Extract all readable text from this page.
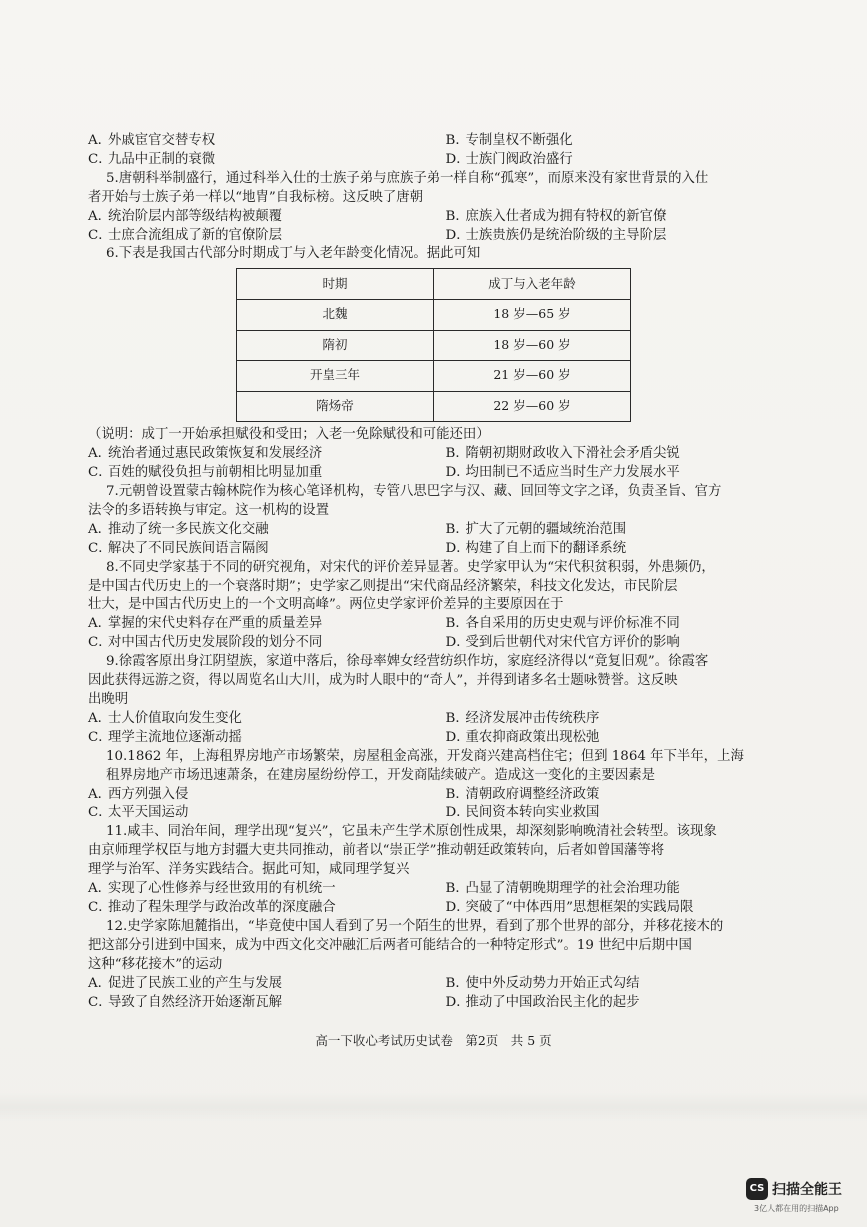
A．
外戚宦官交替专权	B．
专制皇权不断强化
C．
九品中正制的衰微	D．
士族门阀政治盛行
5.唐朝科举制盛行，通过科举入仕的士族子弟与庶族子弟一样自称“孤寒”，而原来没有家世背景的入仕
者开始与士族子弟一样以“地胄”自我标榜。这反映了唐朝
A．
统治阶层内部等级结构被颠覆	B．
庶族入仕者成为拥有特权的新官僚
C．
士庶合流组成了新的官僚阶层	D．
士族贵族仍是统治阶级的主导阶层
6.下表是我国古代部分时期成丁与入老年龄变化情况。据此可知
时期	成丁与入老年龄
北魏	18 岁—65 岁
隋初	18 岁—60 岁
开皇三年	21 岁—60 岁
隋炀帝	22 岁—60 岁
（说明：成丁一开始承担赋役和受田；入老一免除赋役和可能还田）
A．
统治者通过惠民政策恢复和发展经济	B．
隋朝初期财政收入下滑社会矛盾尖锐
C．
百姓的赋役负担与前朝相比明显加重	D．
均田制已不适应当时生产力发展水平
7.元朝曾设置蒙古翰林院作为核心笔译机构，专管八思巴字与汉、藏、回回等文字之译，负责圣旨、官方
法令的多语转换与审定。这一机构的设置
A．
推动了统一多民族文化交融	B．
扩大了元朝的疆域统治范围
C．
解决了不同民族间语言隔阂	D．
构建了自上而下的翻译系统
8.不同史学家基于不同的研究视角，对宋代的评价差异显著。史学家甲认为“宋代积贫积弱，外患频仍，
是中国古代历史上的一个衰落时期”；史学家乙则提出“宋代商品经济繁荣，科技文化发达，市民阶层
壮大，是中国古代历史上的一个文明高峰”。两位史学家评价差异的主要原因在于
A．
掌握的宋代史料存在严重的质量差异	B．
各自采用的历史史观与评价标准不同
C．
对中国古代历史发展阶段的划分不同	D．
受到后世朝代对宋代官方评价的影响
9.徐霞客原出身江阴望族，家道中落后，徐母率婢女经营纺织作坊，家庭经济得以“竟复旧观”。徐霞客
因此获得远游之资，得以周览名山大川，成为时人眼中的“奇人”，并得到诸多名士题咏赞誉。这反映
出晚明
A．
士人价值取向发生变化	B．
经济发展冲击传统秩序
C．
理学主流地位逐渐动摇	D．
重农抑商政策出现松弛
10.1862 年，上海租界房地产市场繁荣，房屋租金高涨，开发商兴建高档住宅；但到 1864 年下半年，上海
租界房地产市场迅速萧条，在建房屋纷纷停工，开发商陆续破产。造成这一变化的主要因素是
A．
西方列强入侵	B．
清朝政府调整经济政策
C．
太平天国运动	D．
民间资本转向实业救国
11.咸丰、同治年间，理学出现“复兴”，它虽未产生学术原创性成果，却深刻影响晚清社会转型。该现象
由京师理学权臣与地方封疆大吏共同推动，前者以“崇正学”推动朝廷政策转向，后者如曾国藩等将
理学与治军、洋务实践结合。据此可知，咸同理学复兴
A．
实现了心性修养与经世致用的有机统一	B．
凸显了清朝晚期理学的社会治理功能
C．
推动了程朱理学与政治改革的深度融合	D．
突破了“中体西用”思想框架的实践局限
12.史学家陈旭麓指出，“毕竟使中国人看到了另一个陌生的世界，看到了那个世界的部分，并移花接木的
把这部分引进到中国来，成为中西文化交冲融汇后两者可能结合的一种特定形式”。19 世纪中后期中国
这种“移花接木”的运动
A．
促进了民族工业的产生与发展	B．
使中外反动势力开始正式勾结
C．
导致了自然经济开始逐渐瓦解	D．
推动了中国政治民主化的起步
高一下收心考试历史试卷　第2页　共 5 页
CS 扫描全能王
3亿人都在用的扫描App
